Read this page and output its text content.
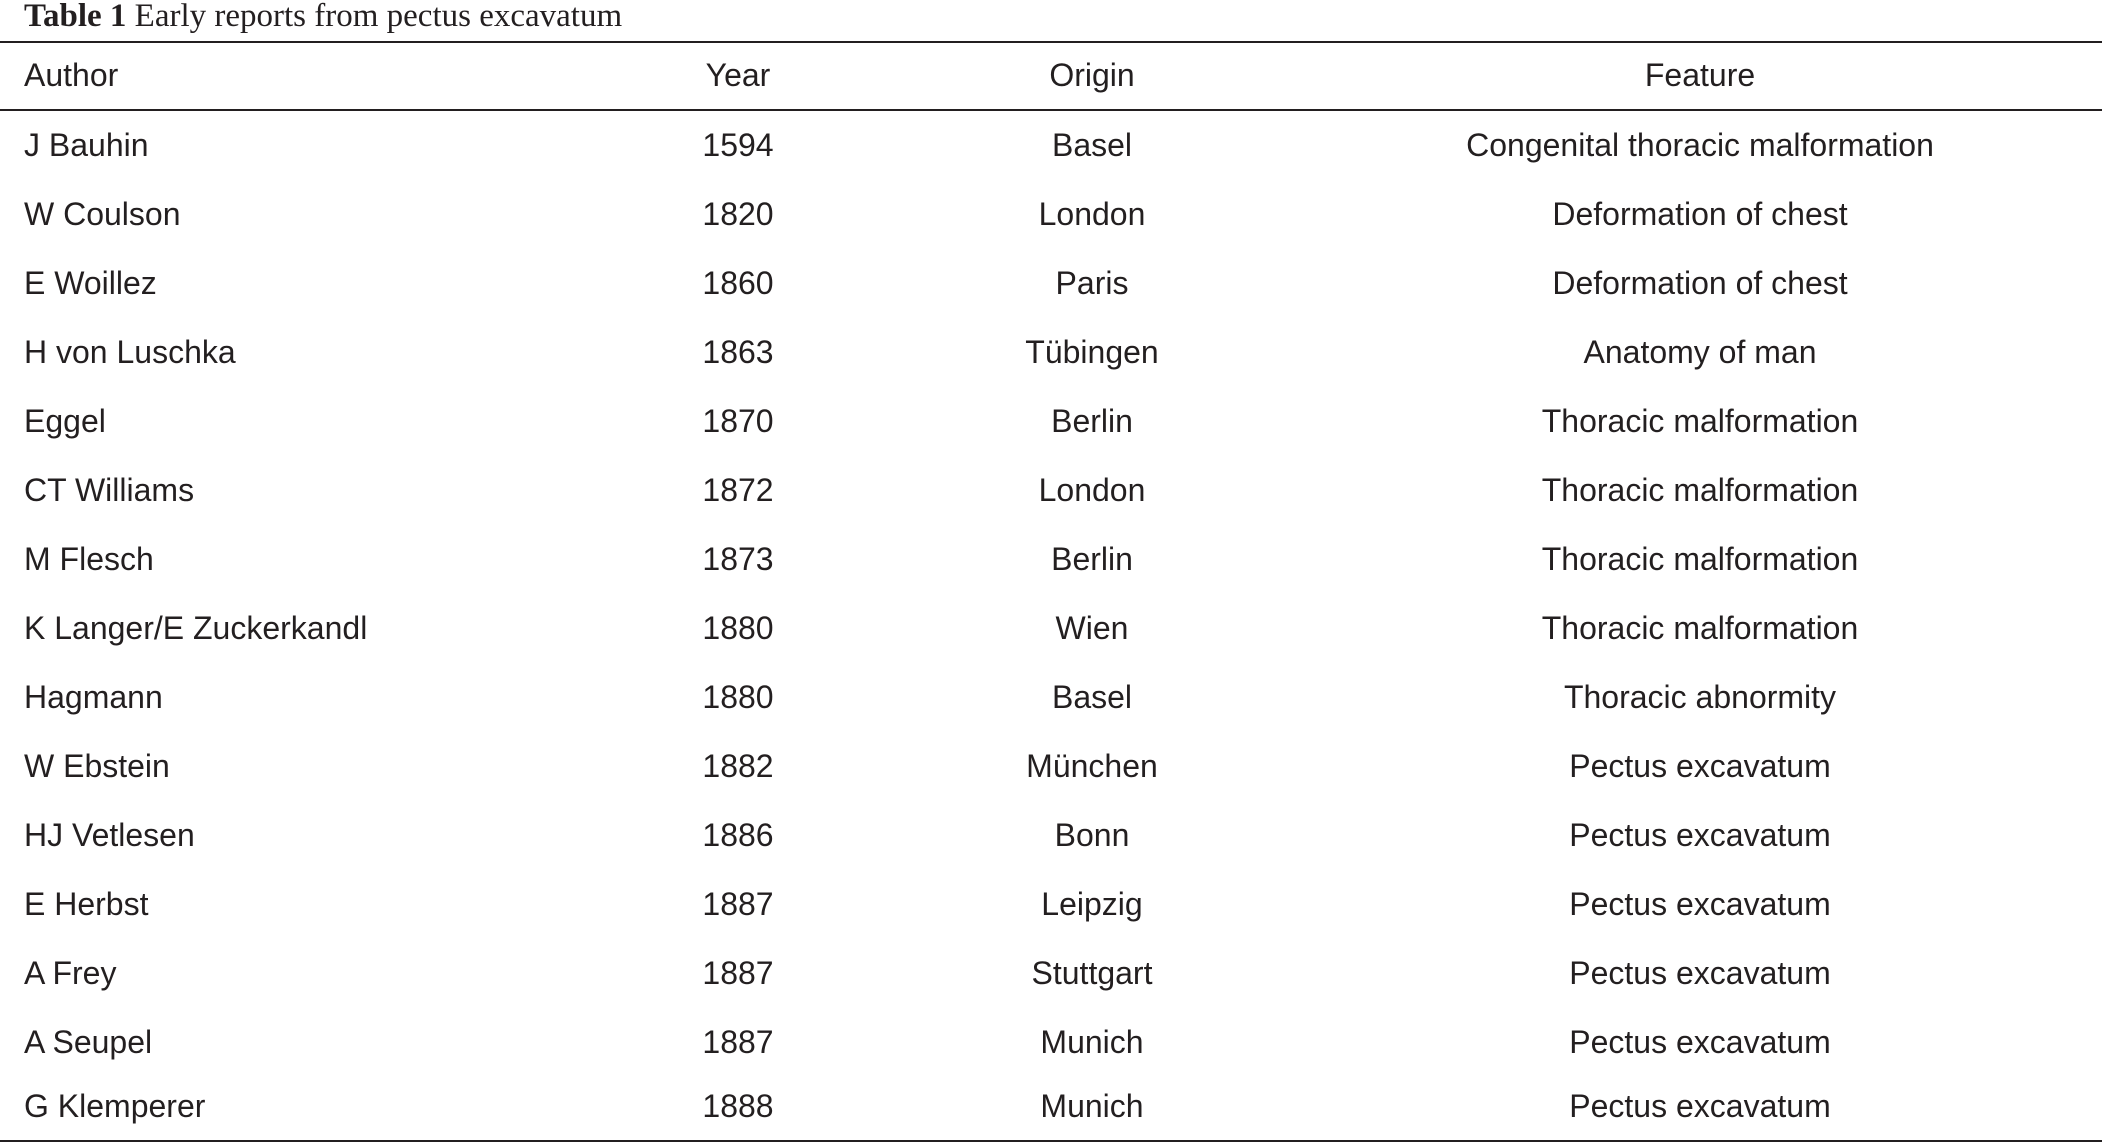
Table 1 Early reports from pectus excavatum
Author	Year	Origin	Feature
J Bauhin	1594	Basel	Congenital thoracic malformation
W Coulson	1820	London	Deformation of chest
E Woillez	1860	Paris	Deformation of chest
H von Luschka	1863	Tübingen	Anatomy of man
Eggel	1870	Berlin	Thoracic malformation
CT Williams	1872	London	Thoracic malformation
M Flesch	1873	Berlin	Thoracic malformation
K Langer/E Zuckerkandl	1880	Wien	Thoracic malformation
Hagmann	1880	Basel	Thoracic abnormity
W Ebstein	1882	München	Pectus excavatum
HJ Vetlesen	1886	Bonn	Pectus excavatum
E Herbst	1887	Leipzig	Pectus excavatum
A Frey	1887	Stuttgart	Pectus excavatum
A Seupel	1887	Munich	Pectus excavatum
G Klemperer	1888	Munich	Pectus excavatum
